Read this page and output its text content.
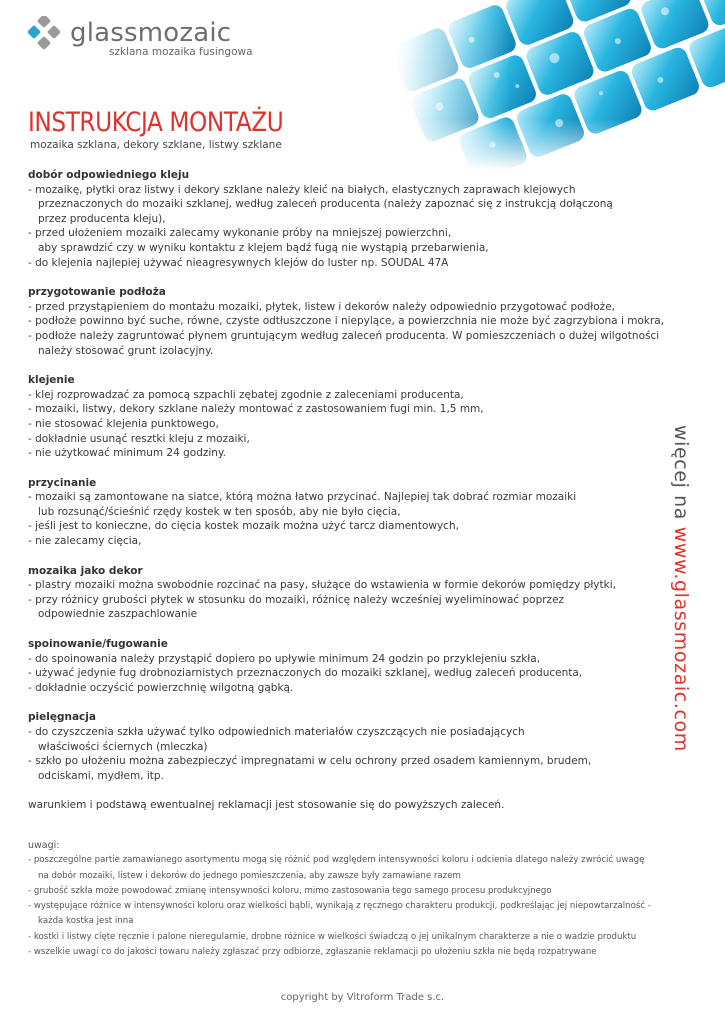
glassmozaic
szklana mozaika fusingowa
INSTRUKCJA MONTAŻU
mozaika szklana, dekory szklane, listwy szklane
dobór odpowiedniego kleju
- mozaikę, płytki oraz listwy i dekory szklane należy kleić na białych, elastycznych zaprawach klejowych
przeznaczonych do mozaiki szklanej, według zaleceń producenta (należy zapoznać się z instrukcją dołączoną
przez producenta kleju),
- przed ułożeniem mozaiki zalecamy wykonanie próby na mniejszej powierzchni,
aby sprawdzić czy w wyniku kontaktu z klejem bądź fugą nie wystąpią przebarwienia,
- do klejenia najlepiej używać nieagresywnych klejów do luster np. SOUDAL 47A
przygotowanie podłoża
- przed przystąpieniem do montażu mozaiki, płytek, listew i dekorów należy odpowiednio przygotować podłoże,
- podłoże powinno być suche, równe, czyste odtłuszczone i niepylące, a powierzchnia nie może być zagrzybiona i mokra,
- podłoże należy zagruntować płynem gruntującym według zaleceń producenta. W pomieszczeniach o dużej wilgotności
należy stosować grunt izolacyjny.
klejenie
- klej rozprowadzać za pomocą szpachli zębatej zgodnie z zaleceniami producenta,
- mozaiki, listwy, dekory szklane należy montować z zastosowaniem fugi min. 1,5 mm,
- nie stosować klejenia punktowego,
- dokładnie usunąć resztki kleju z mozaiki,
- nie użytkować minimum 24 godziny.
przycinanie
- mozaiki są zamontowane na siatce, którą można łatwo przycinać. Najlepiej tak dobrać rozmiar mozaiki
lub rozsunąć/ścieśnić rzędy kostek w ten sposób, aby nie było cięcia,
- jeśli jest to konieczne, do cięcia kostek mozaik można użyć tarcz diamentowych,
- nie zalecamy cięcia,
mozaika jako dekor
- plastry mozaiki można swobodnie rozcinać na pasy, służące do wstawienia w formie dekorów pomiędzy płytki,
- przy różnicy grubości płytek w stosunku do mozaiki, różnicę należy wcześniej wyeliminować poprzez
odpowiednie zaszpachlowanie
spoinowanie/fugowanie
- do spoinowania należy przystąpić dopiero po upływie minimum 24 godzin po przyklejeniu szkła,
- używać jedynie fug drobnoziarnistych przeznaczonych do mozaiki szklanej, według zaleceń producenta,
- dokładnie oczyścić powierzchnię wilgotną gąbką.
pielęgnacja
- do czyszczenia szkła używać tylko odpowiednich materiałów czyszczących nie posiadających
właściwości ściernych (mleczka)
- szkło po ułożeniu można zabezpieczyć impregnatami w celu ochrony przed osadem kamiennym, brudem,
odciskami, mydłem, itp.
warunkiem i podstawą ewentualnej reklamacji jest stosowanie się do powyższych zaleceń.
uwagi:
- poszczególne partie zamawianego asortymentu mogą się różnić pod względem intensywności koloru i odcienia dlatego należy zwrócić uwagę
na dobór mozaiki, listew i dekorów do jednego pomieszczenia, aby zawsze były zamawiane razem
- grubość szkła może powodować zmianę intensywności koloru, mimo zastosowania tego samego procesu produkcyjnego
- występujące różnice w intensywności koloru oraz wielkości bąbli, wynikają z ręcznego charakteru produkcji, podkreślając jej niepowtarzalność -
każda kostka jest inna
- kostki i listwy cięte ręcznie i palone nieregularnie, drobne różnice w wielkości świadczą o jej unikalnym charakterze a nie o wadzie produktu
- wszelkie uwagi co do jakości towaru należy zgłaszać przy odbiorze, zgłaszanie reklamacji po ułożeniu szkła nie będą rozpatrywane
więcej na www.glassmozaic.com
copyright by Vitroform Trade s.c.
